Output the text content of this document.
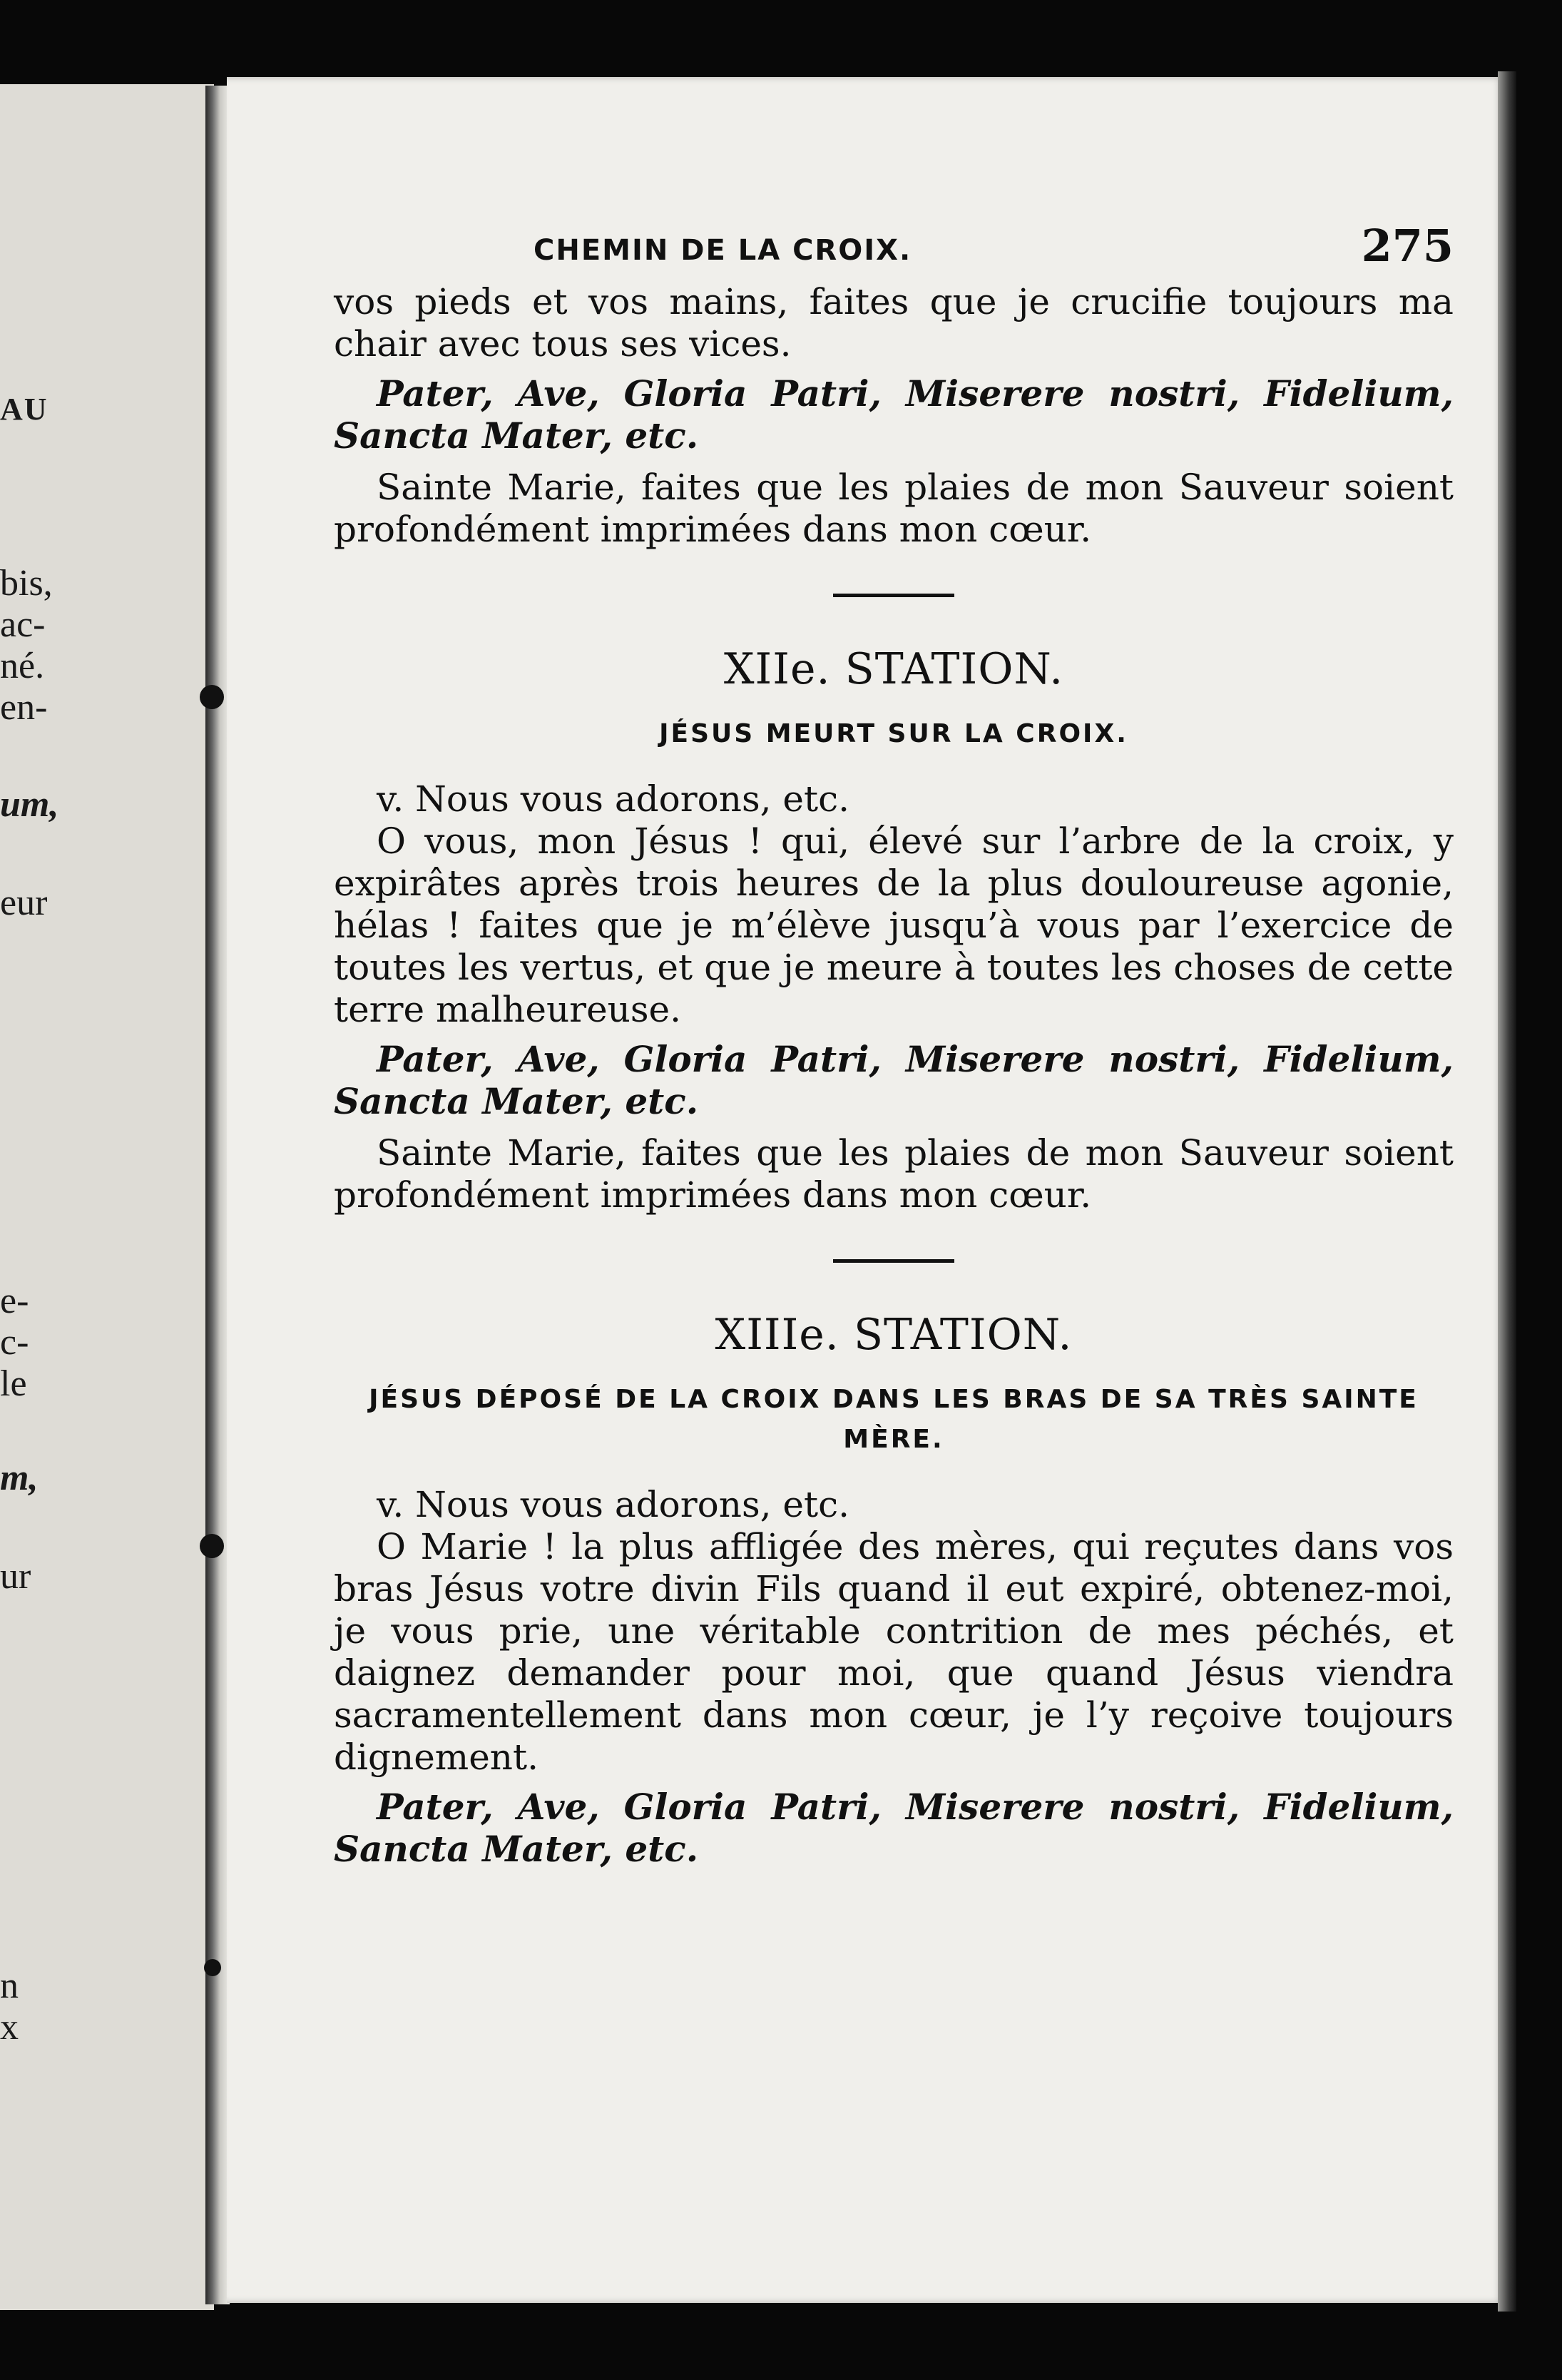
AU
bis,
ac-
né.
en-
um,
eur
e-
c-
le
m,
ur
n
x
CHEMIN DE LA CROIX.	275

vos pieds et vos mains, faites que je crucifie toujours ma chair avec tous ses vices.

Pater, Ave, Gloria Patri, Miserere nostri, Fidelium, Sancta Mater, etc.

Sainte Marie, faites que les plaies de mon Sauveur soient profondément imprimées dans mon cœur.

XIIe. STATION.
JÉSUS MEURT SUR LA CROIX.

v. Nous vous adorons, etc.

O vous, mon Jésus ! qui, élevé sur l’arbre de la croix, y expirâtes après trois heures de la plus douloureuse agonie, hélas ! faites que je m’élève jusqu’à vous par l’exercice de toutes les vertus, et que je meure à toutes les choses de cette terre malheureuse.

Pater, Ave, Gloria Patri, Miserere nostri, Fidelium, Sancta Mater, etc.

Sainte Marie, faites que les plaies de mon Sauveur soient profondément imprimées dans mon cœur.

XIIIe. STATION.
JÉSUS DÉPOSÉ DE LA CROIX DANS LES BRAS DE SA TRÈS SAINTE MÈRE.

v. Nous vous adorons, etc.

O Marie ! la plus affligée des mères, qui reçutes dans vos bras Jésus votre divin Fils quand il eut expiré, obtenez-moi, je vous prie, une véritable contrition de mes péchés, et daignez demander pour moi, que quand Jésus viendra sacramentellement dans mon cœur, je l’y reçoive toujours dignement.

Pater, Ave, Gloria Patri, Miserere nostri, Fidelium, Sancta Mater, etc.
